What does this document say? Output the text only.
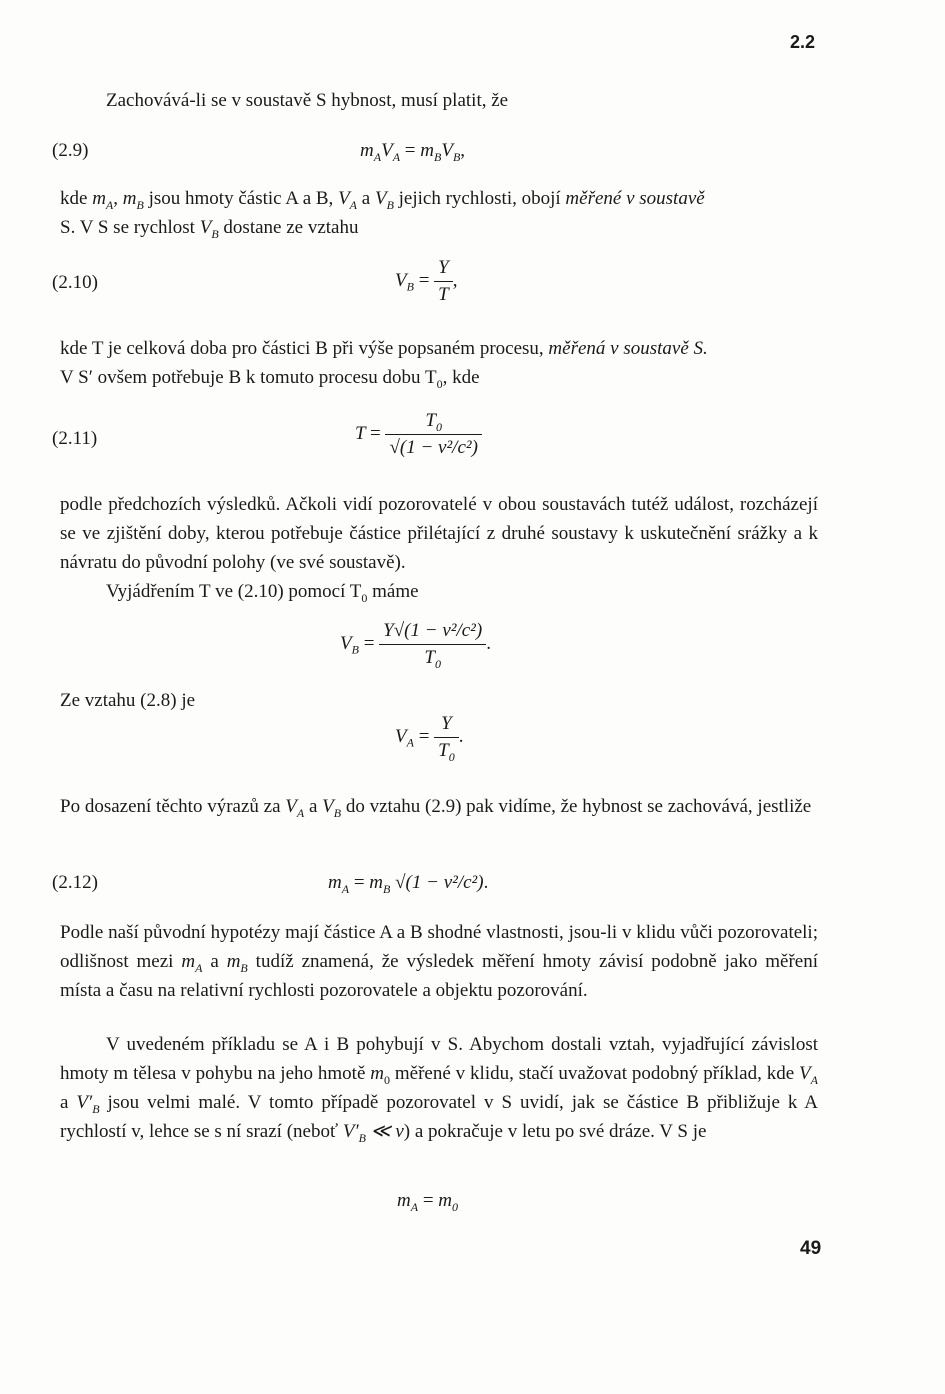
2.2
Zachovává-li se v soustavě S hybnost, musí platit, že
(2.9)	$m_AV_A = m_BV_B$,
kde $m_A$, $m_B$ jsou hmoty částic A a B, $V_A$ a $V_B$ jejich rychlosti, obojí měřené v soustavě
S. V S se rychlost $V_B$ dostane ze vztahu
(2.10)	$V_B = \frac{Y}{T}$ ,
kde T je celková doba pro částici B při výše popsaném procesu, měřená v soustavě S.
V S′ ovšem potřebuje B k tomuto procesu dobu $T_0$, kde
(2.11)	$T = \frac{T_0}{\text{√(1 − v²/c²)}}$
podle předchozích výsledků. Ačkoli vidí pozorovatelé v obou soustavách tutéž událost, rozcházejí se ve zjištění doby, kterou potřebuje částice přilétající z druhé soustavy k uskutečnění srážky a k návratu do původní polohy (ve své soustavě).
Vyjádřením T ve (2.10) pomocí $T_0$ máme
$V_B = \frac{\text{Y√(1 − v²/c²)}}{T_0}$ .
Ze vztahu (2.8) je
$V_A = \frac{Y}{T_0}$ .
Po dosazení těchto výrazů za $V_A$ a $V_B$ do vztahu (2.9) pak vidíme, že hybnost se zachovává, jestliže
(2.12)	$m_A = m_B$ √(1 − v²/c²).
Podle naší původní hypotézy mají částice A a B shodné vlastnosti, jsou-li v klidu vůči pozorovateli; odlišnost mezi $m_A$ a $m_B$ tudíž znamená, že výsledek měření hmoty závisí podobně jako měření místa a času na relativní rychlosti pozorovatele a objektu pozorování.
V uvedeném příkladu se A i B pohybují v S. Abychom dostali vztah, vyjadřující závislost hmoty m tělesa v pohybu na jeho hmotě $m_0$ měřené v klidu, stačí uvažovat podobný příklad, kde $V_A$ a $V'_B$ jsou velmi malé. V tomto případě pozorovatel v S uvidí, jak se částice B přibližuje k A rychlostí v, lehce se s ní srazí (neboť $V'_B$ ≪ v) a pokračuje v letu po své dráze. V S je
$m_A = m_0$
49
